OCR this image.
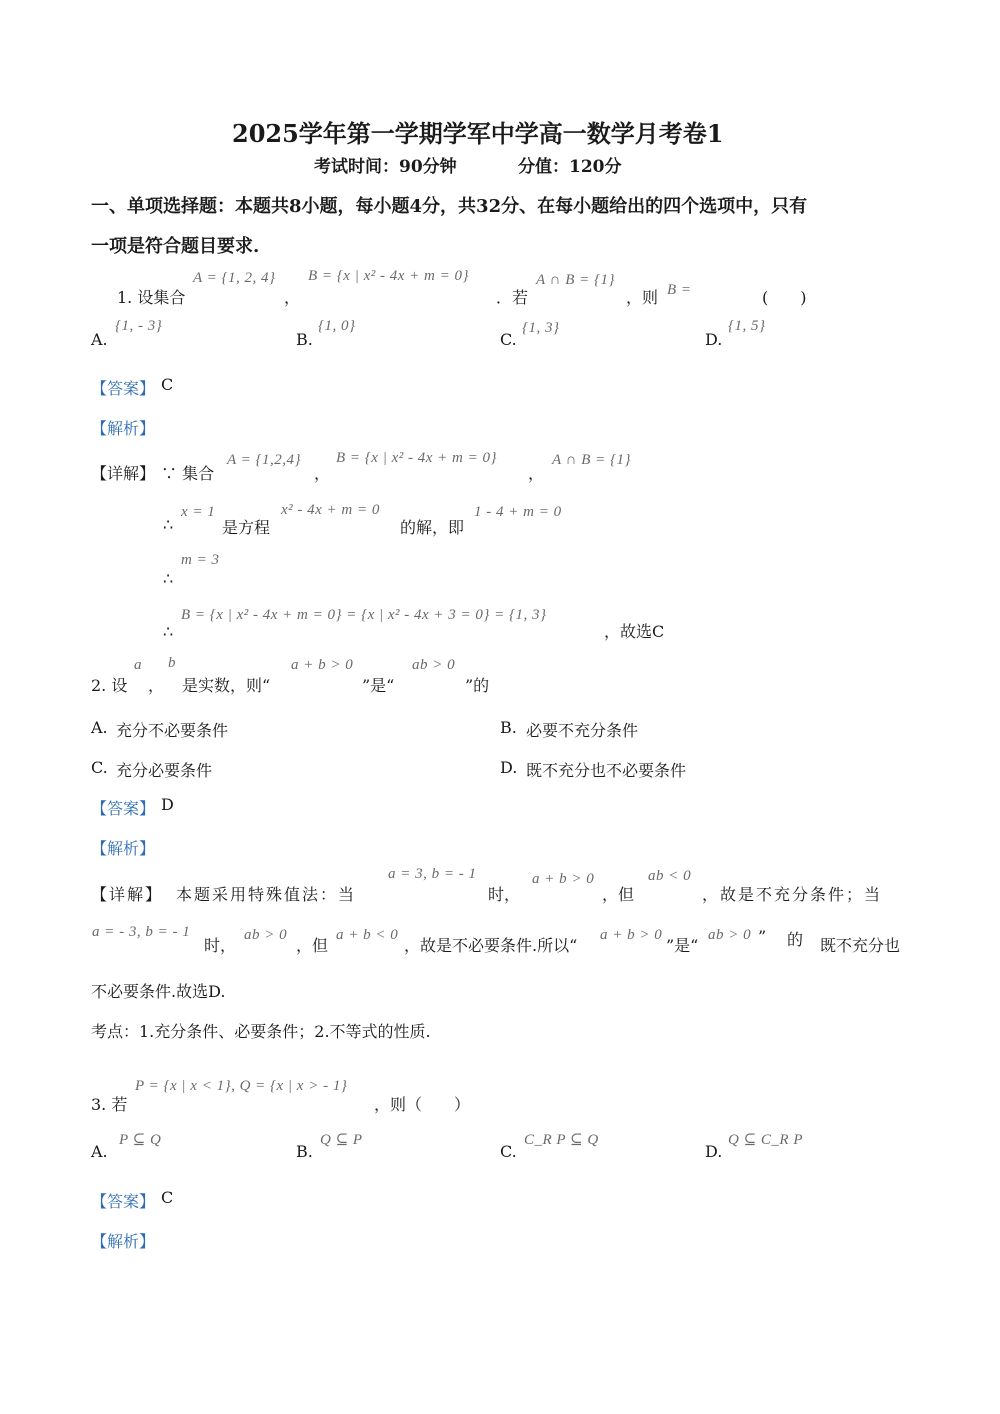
2025学年第一学期学军中学高一数学月考卷1
考试时间：90分钟	分值：120分
一、单项选择题：本题共8小题，每小题4分，共32分、在每小题给出的四个选项中，只有
一项是符合题目要求.
1. 设集合
A = {1, 2, 4}
，
B = {x | x² - 4x + m = 0}
．若
A ∩ B = {1}
，则 B =	(　　)
A.
{1, - 3}
B.
{1, 0}
C.
{1, 3}
D.
{1, 5}
【答案】 C
【解析】
【详解】 ∵ 集合
A = {1,2,4}
，
B = {x | x² - 4x + m = 0}
，
A ∩ B = {1}
∴
x = 1
是方程
x² - 4x + m = 0
的解，即
1 - 4 + m = 0
∴
m = 3
∴
B = {x | x² - 4x + m = 0} = {x | x² - 4x + 3 = 0} = {1, 3}
，故选C
2. 设
a
，
b
是实数，则“
a + b > 0
”是“
ab > 0
”的
A. 充分不必要条件	B. 必要不充分条件
C. 充分必要条件	D. 既不充分也不必要条件
【答案】 D
【解析】
【详解】 本题采用特殊值法：当
a = 3, b = - 1
时，
a + b > 0
，但
ab < 0
，故是不充分条件；当
a = - 3, b = - 1
时，
ab > 0
，但
a + b < 0
，故是不必要条件.所以“
a + b > 0
”是“
ab > 0 ” 的 既不充分也
不必要条件.故选D.
考点：1.充分条件、必要条件；2.不等式的性质.
3. 若
P = {x | x < 1}, Q = {x | x > - 1}
，则（　　）
A.
P ⊆ Q
B.
Q ⊆ P
C.
C_R P ⊆ Q
D.
Q ⊆ C_R P
【答案】 C
【解析】
